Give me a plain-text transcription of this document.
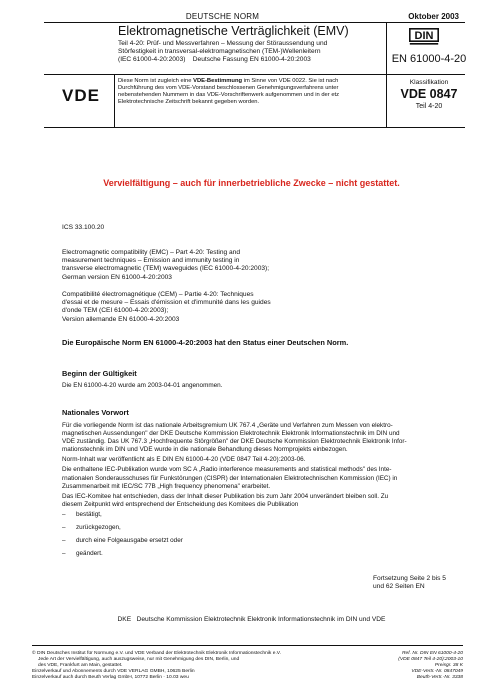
DEUTSCHE NORM	Oktober 2003
Elektromagnetische Verträglichkeit (EMV)
Teil 4-20: Prüf- und Messverfahren – Messung der Störaussendung und
Störfestigkeit in transversal-elektromagnetischen (TEM-)Wellenleitern
(IEC 61000-4-20:2003)    Deutsche Fassung EN 61000-4-20:2003
DIN
EN 61000-4-20
VDE
Diese Norm ist zugleich eine VDE-Bestimmung im Sinne von VDE 0022. Sie ist nach
Durchführung des vom VDE-Vorstand beschlossenen Genehmigungsverfahrens unter
nebenstehenden Nummern in das VDE-Vorschriftenwerk aufgenommen und in der etz
Elektrotechnische Zeitschrift bekannt gegeben worden.
Klassifikation
VDE 0847
Teil 4-20
Vervielfältigung – auch für innerbetriebliche Zwecke – nicht gestattet.
ICS 33.100.20
Electromagnetic compatibility (EMC) – Part 4-20: Testing and
measurement techniques – Emission and immunity testing in
transverse electromagnetic (TEM) waveguides (IEC 61000-4-20:2003);
German version EN 61000-4-20:2003
Compatibilité électromagnétique (CEM) – Partie 4-20: Techniques
d'essai et de mesure – Essais d'émission et d'immunité dans les guides
d'onde TEM (CEI 61000-4-20:2003);
Version allemande EN 61000-4-20:2003
Die Europäische Norm EN 61000-4-20:2003 hat den Status einer Deutschen Norm.
Beginn der Gültigkeit
Die EN 61000-4-20 wurde am 2003-04-01 angenommen.
Nationales Vorwort
Für die vorliegende Norm ist das nationale Arbeitsgremium UK 767.4 „Geräte und Verfahren zum Messen von elektro-
magnetischen Aussendungen" der DKE Deutsche Kommission Elektrotechnik Elektronik Informationstechnik im DIN und
VDE zuständig. Das UK 767.3 „Hochfrequente Störgrößen" der DKE Deutsche Kommission Elektrotechnik Elektronik Infor-
mationstechnik im DIN und VDE wurde in die nationale Behandlung dieses Normprojekts einbezogen.
Norm-Inhalt war veröffentlicht als E DIN EN 61000-4-20 (VDE 0847 Teil 4-20):2003-06.
Die enthaltene IEC-Publikation wurde vom SC A „Radio interference measurements and statistical methods" des Inte-
rnationalen Sonderausschuses für Funkstörungen (CISPR) der Internationalen Elektrotechnischen Kommission (IEC) in
Zusammenarbeit mit IEC/SC 77B „High frequency phenomena" erarbeitet.
Das IEC-Komitee hat entschieden, dass der Inhalt dieser Publikation bis zum Jahr 2004 unverändert bleiben soll. Zu
diesem Zeitpunkt wird entsprechend der Entscheidung des Komitees die Publikation
– bestätigt,
– zurückgezogen,
– durch eine Folgeausgabe ersetzt oder
– geändert.
Fortsetzung Seite 2 bis 5
und 62 Seiten EN
DKE   Deutsche Kommission Elektrotechnik Elektronik Informationstechnik im DIN und VDE
© DIN Deutsches Institut für Normung e.V. und VDE Verband der Elektrotechnik Elektronik Informationstechnik e.V.
Jede Art der Vervielfältigung, auch auszugsweise, nur mit Genehmigung des DIN, Berlin, und
des VDE, Frankfurt am Main, gestattet.
Einzelverkauf und Abonnements durch VDE VERLAG GMBH, 10625 Berlin
Einzelverkauf auch durch Beuth Verlag GmbH, 10772 Berlin · 10.03 weu
Ref. Nr. DIN EN 61000-4-20
(VDE 0847 Teil 4-20):2003-10
Preisgr. 38 K
VDE-Vertr.-Nr. 0847049
Beuth-Vertr.-Nr. 3338
